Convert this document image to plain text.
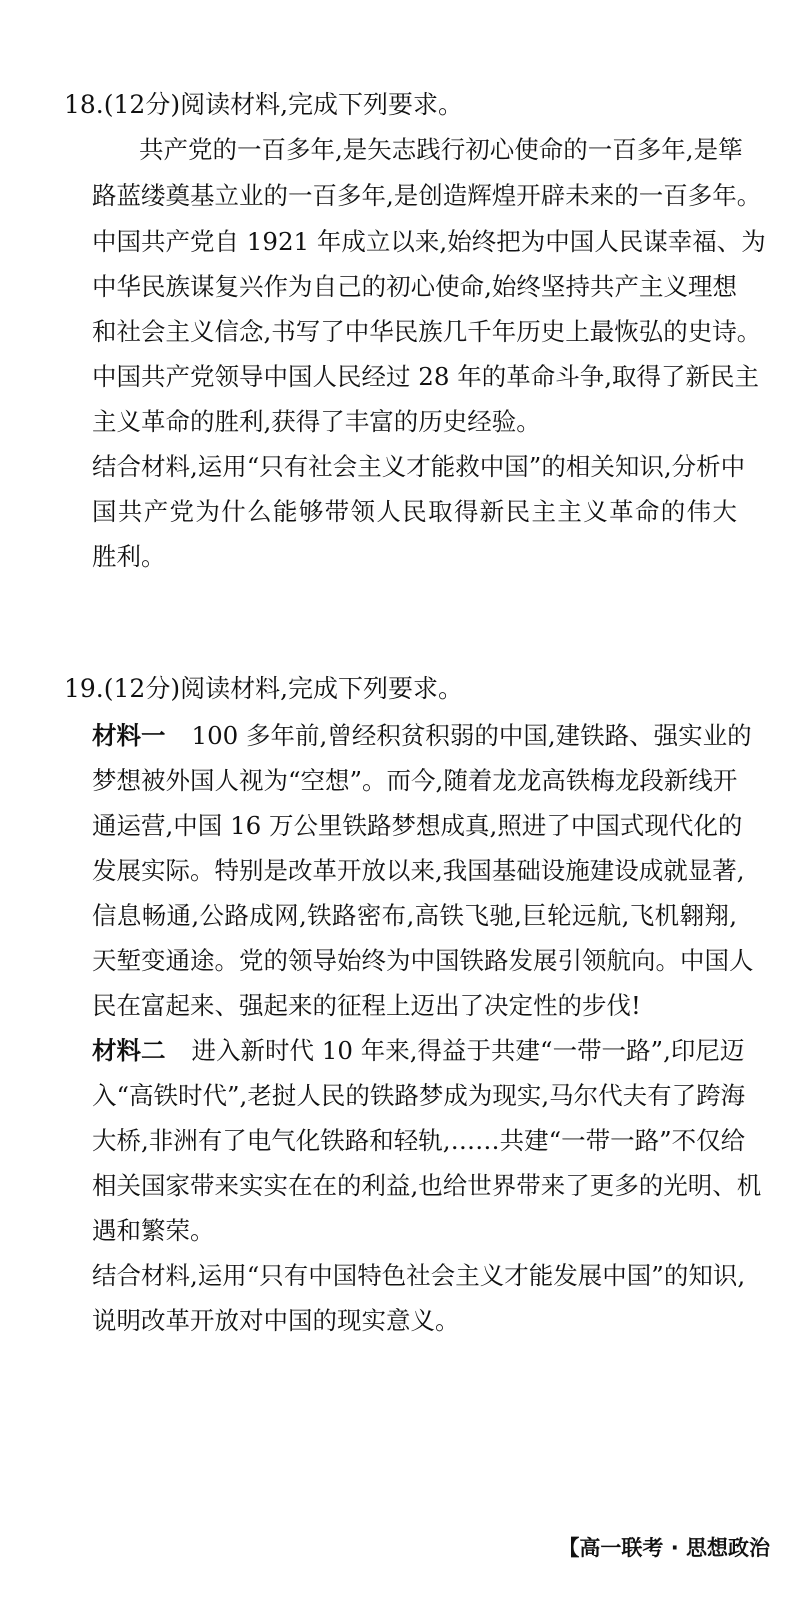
18.(12分)阅读材料,完成下列要求。
共产党的一百多年,是矢志践行初心使命的一百多年,是筚
路蓝缕奠基立业的一百多年,是创造辉煌开辟未来的一百多年。
中国共产党自 1921 年成立以来,始终把为中国人民谋幸福、为
中华民族谋复兴作为自己的初心使命,始终坚持共产主义理想
和社会主义信念,书写了中华民族几千年历史上最恢弘的史诗。
中国共产党领导中国人民经过 28 年的革命斗争,取得了新民主
主义革命的胜利,获得了丰富的历史经验。
结合材料,运用“只有社会主义才能救中国”的相关知识,分析中
国共产党为什么能够带领人民取得新民主主义革命的伟大
胜利。
19.(12分)阅读材料,完成下列要求。
材料一 100 多年前,曾经积贫积弱的中国,建铁路、强实业的
梦想被外国人视为“空想”。而今,随着龙龙高铁梅龙段新线开
通运营,中国 16 万公里铁路梦想成真,照进了中国式现代化的
发展实际。特别是改革开放以来,我国基础设施建设成就显著,
信息畅通,公路成网,铁路密布,高铁飞驰,巨轮远航,飞机翱翔,
天堑变通途。党的领导始终为中国铁路发展引领航向。中国人
民在富起来、强起来的征程上迈出了决定性的步伐!
材料二 进入新时代 10 年来,得益于共建“一带一路”,印尼迈
入“高铁时代”,老挝人民的铁路梦成为现实,马尔代夫有了跨海
大桥,非洲有了电气化铁路和轻轨,……共建“一带一路”不仅给
相关国家带来实实在在的利益,也给世界带来了更多的光明、机
遇和繁荣。
结合材料,运用“只有中国特色社会主义才能发展中国”的知识,
说明改革开放对中国的现实意义。
【高一联考 · 思想政治
